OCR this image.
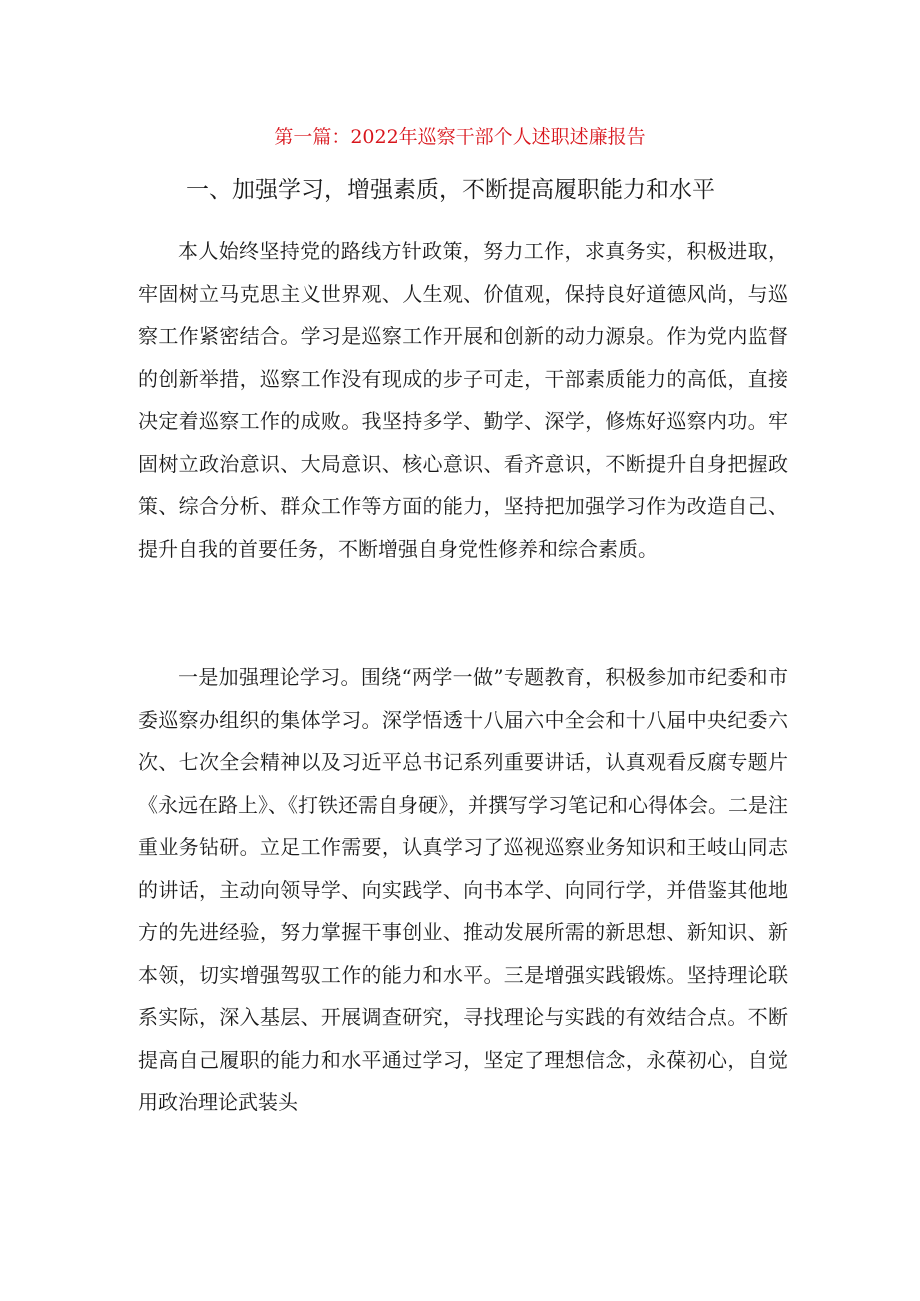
第一篇：2022年巡察干部个人述职述廉报告
一、加强学习，增强素质，不断提高履职能力和水平

本人始终坚持党的路线方针政策，努力工作，求真务实，积极进取，牢固树立马克思主义世界观、人生观、价值观，保持良好道德风尚，与巡察工作紧密结合。学习是巡察工作开展和创新的动力源泉。作为党内监督的创新举措，巡察工作没有现成的步子可走，干部素质能力的高低，直接决定着巡察工作的成败。我坚持多学、勤学、深学，修炼好巡察内功。牢固树立政治意识、大局意识、核心意识、看齐意识，不断提升自身把握政策、综合分析、群众工作等方面的能力，坚持把加强学习作为改造自己、提升自我的首要任务，不断增强自身党性修养和综合素质。

一是加强理论学习。围绕“两学一做”专题教育，积极参加市纪委和市委巡察办组织的集体学习。深学悟透十八届六中全会和十八届中央纪委六次、七次全会精神以及习近平总书记系列重要讲话，认真观看反腐专题片《永远在路上》、《打铁还需自身硬》，并撰写学习笔记和心得体会。二是注重业务钻研。立足工作需要，认真学习了巡视巡察业务知识和王岐山同志的讲话，主动向领导学、向实践学、向书本学、向同行学，并借鉴其他地方的先进经验，努力掌握干事创业、推动发展所需的新思想、新知识、新本领，切实增强驾驭工作的能力和水平。三是增强实践锻炼。坚持理论联系实际，深入基层、开展调查研究，寻找理论与实践的有效结合点。不断提高自己履职的能力和水平通过学习，坚定了理想信念，永葆初心，自觉用政治理论武装头
